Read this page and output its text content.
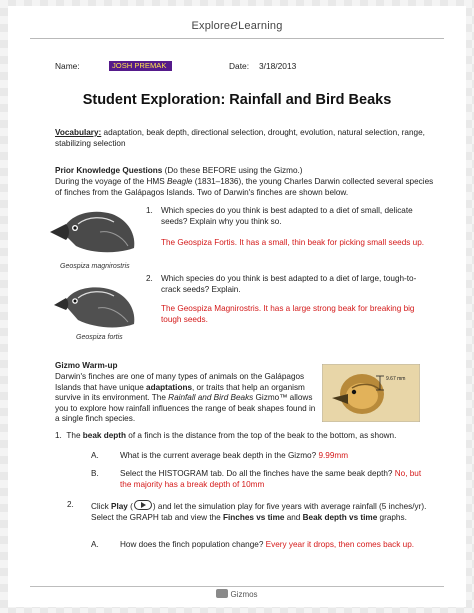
ExploreeLearning
Name:	JOSH PREMAK	Date: 3/18/2013
Student Exploration: Rainfall and Bird Beaks
Vocabulary: adaptation, beak depth, directional selection, drought, evolution, natural selection, range, stabilizing selection
Prior Knowledge Questions (Do these BEFORE using the Gizmo.)
During the voyage of the HMS Beagle (1831–1836), the young Charles Darwin collected several species of finches from the Galápagos Islands. Two of Darwin's finches are shown below.
Geospiza magnirostris
Geospiza fortis
1. Which species do you think is best adapted to a diet of small, delicate seeds? Explain why you think so.
The Geospiza Fortis. It has a small, thin beak for picking small seeds up.
2. Which species do you think is best adapted to a diet of large, tough-to-crack seeds? Explain.
The Geospiza Magnirostris. It has a large strong beak for breaking big tough seeds.
Gizmo Warm-up
Darwin's finches are one of many types of animals on the Galápagos Islands that have unique adaptations, or traits that help an organism survive in its environment. The Rainfall and Bird Beaks Gizmo™ allows you to explore how rainfall influences the range of beak shapes found in a single finch species.
9.67 mm
1. The beak depth of a finch is the distance from the top of the beak to the bottom, as shown.
A.	What is the current average beak depth in the Gizmo? 9.99mm
B.	Select the HISTOGRAM tab. Do all the finches have the same beak depth? No, but the majority has a break depth of 10mm
2. Click Play ( ) and let the simulation play for five years with average rainfall (5 inches/yr). Select the GRAPH tab and view the Finches vs time and Beak depth vs time graphs.
A.	How does the finch population change? Every year it drops, then comes back up.
Gizmos
